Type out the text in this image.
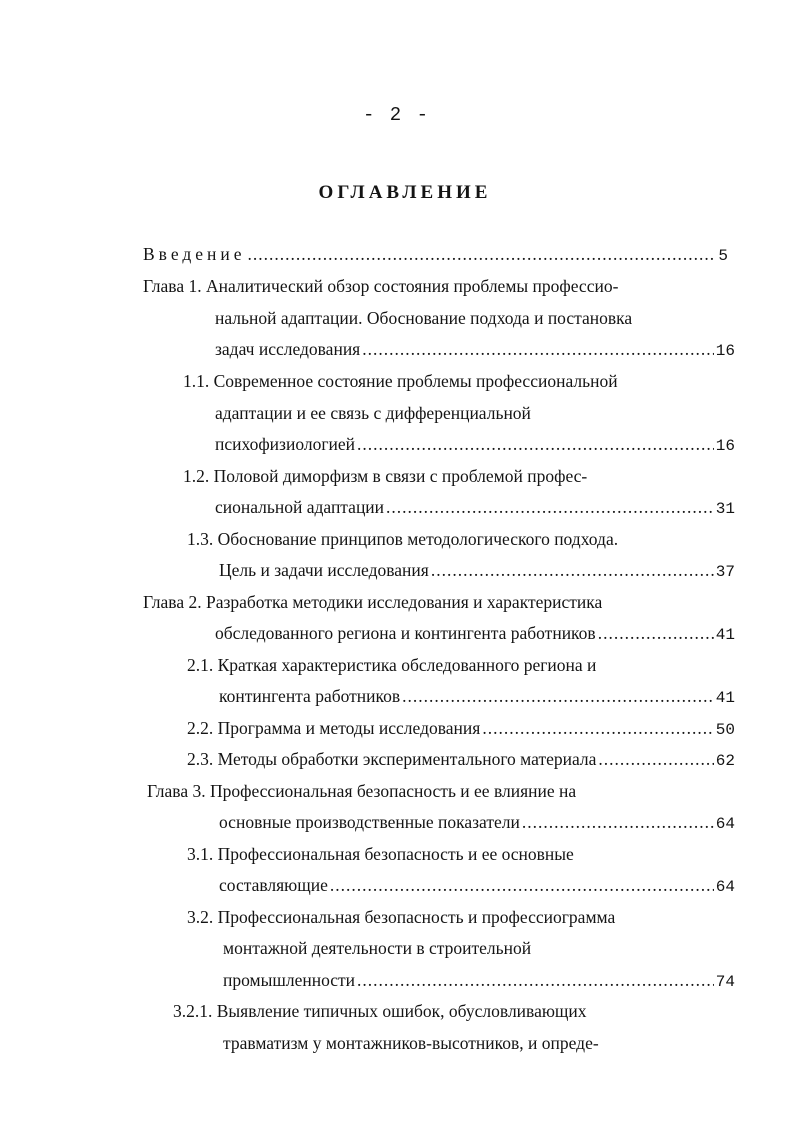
- 2 -
ОГЛАВЛЕНИЕ
Введение .....	5
Глава 1. Аналитический обзор состояния проблемы профессио-
нальной адаптации. Обоснование подхода и постановка
задач исследования .....	16
1.1. Современное состояние проблемы профессиональной
адаптации и ее связь с дифференциальной
психофизиологией .....	16
1.2. Половой диморфизм в связи с проблемой профес-
сиональной адаптации .....	31
1.3. Обоснование принципов методологического подхода.
Цель и задачи исследования .....	37
Глава 2. Разработка методики исследования и характеристика
обследованного региона и контингента работников .....	41
2.1. Краткая характеристика обследованного региона и
контингента работников .....	41
2.2. Программа и методы исследования .....	50
2.3. Методы обработки экспериментального материала .....	62
Глава 3. Профессиональная безопасность и ее влияние на
основные производственные показатели .....	64
3.1. Профессиональная безопасность и ее основные
составляющие .....	64
3.2. Профессиональная безопасность и профессиограмма
монтажной деятельности в строительной
промышленности .....	74
3.2.1. Выявление типичных ошибок, обусловливающих
травматизм у монтажников-высотников, и опреде-
